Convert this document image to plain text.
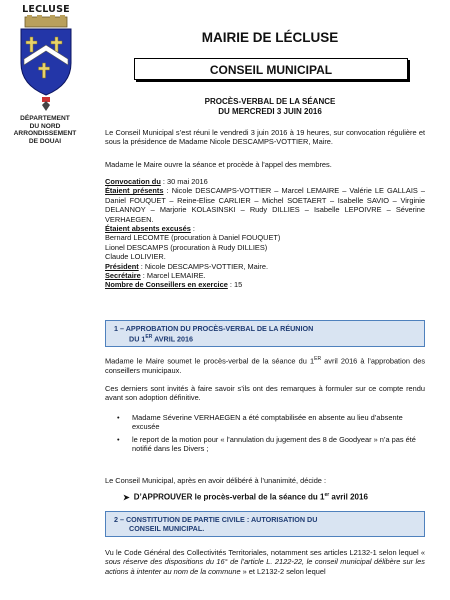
LECLUSE
DÉPARTEMENT
DU NORD
ARRONDISSEMENT
DE DOUAI
MAIRIE DE LÉCLUSE
CONSEIL MUNICIPAL
PROCÈS-VERBAL DE LA SÉANCE
DU MERCREDI 3 JUIN 2016
Le Conseil Municipal s’est réuni le vendredi 3 juin 2016 à 19 heures, sur convocation régulière et sous la présidence de Madame Nicole DESCAMPS-VOTTIER, Maire.
Madame le Maire ouvre la séance et procède à l’appel des membres.
Convocation du : 30 mai 2016
Étaient présents : Nicole DESCAMPS-VOTTIER – Marcel LEMAIRE – Valérie LE GALLAIS – Daniel FOUQUET – Reine-Elise CARLIER – Michel SOETAERT – Isabelle SAVIO – Virginie DELANNOY – Marjorie KOLASINSKI – Rudy DILLIES – Isabelle LEPOIVRE – Séverine VERHAEGEN.
Étaient absents excusés :
Bernard LECOMTE (procuration à Daniel FOUQUET)
Lionel DESCAMPS (procuration à Rudy DILLIES)
Claude LOLIVIER.
Président : Nicole DESCAMPS-VOTTIER, Maire.
Secrétaire : Marcel LEMAIRE.
Nombre de Conseillers en exercice : 15
1 – APPROBATION DU PROCÈS-VERBAL DE LA RÉUNION
DU 1ER AVRIL 2016
Madame le Maire soumet le procès-verbal de la séance du 1ER avril 2016 à l’approbation des conseillers municipaux.
Ces derniers sont invités à faire savoir s’ils ont des remarques à formuler sur ce compte rendu avant son adoption définitive.
• Madame Séverine VERHAEGEN a été comptabilisée en absente au lieu d’absente excusée
• le report de la motion pour « l’annulation du jugement des 8 de Goodyear » n’a pas été notifié dans les Divers ;
Le Conseil Municipal, après en avoir délibéré à l’unanimité, décide :
➤ D’APPROUVER le procès-verbal de la séance du 1er avril 2016
2 – CONSTITUTION DE PARTIE CIVILE : AUTORISATION DU
CONSEIL MUNICIPAL.
Vu le Code Général des Collectivités Territoriales, notamment ses articles L2132-1 selon lequel « sous réserve des dispositions du 16° de l’article L. 2122-22, le conseil municipal délibère sur les actions à intenter au nom de la commune » et L2132-2 selon lequel
